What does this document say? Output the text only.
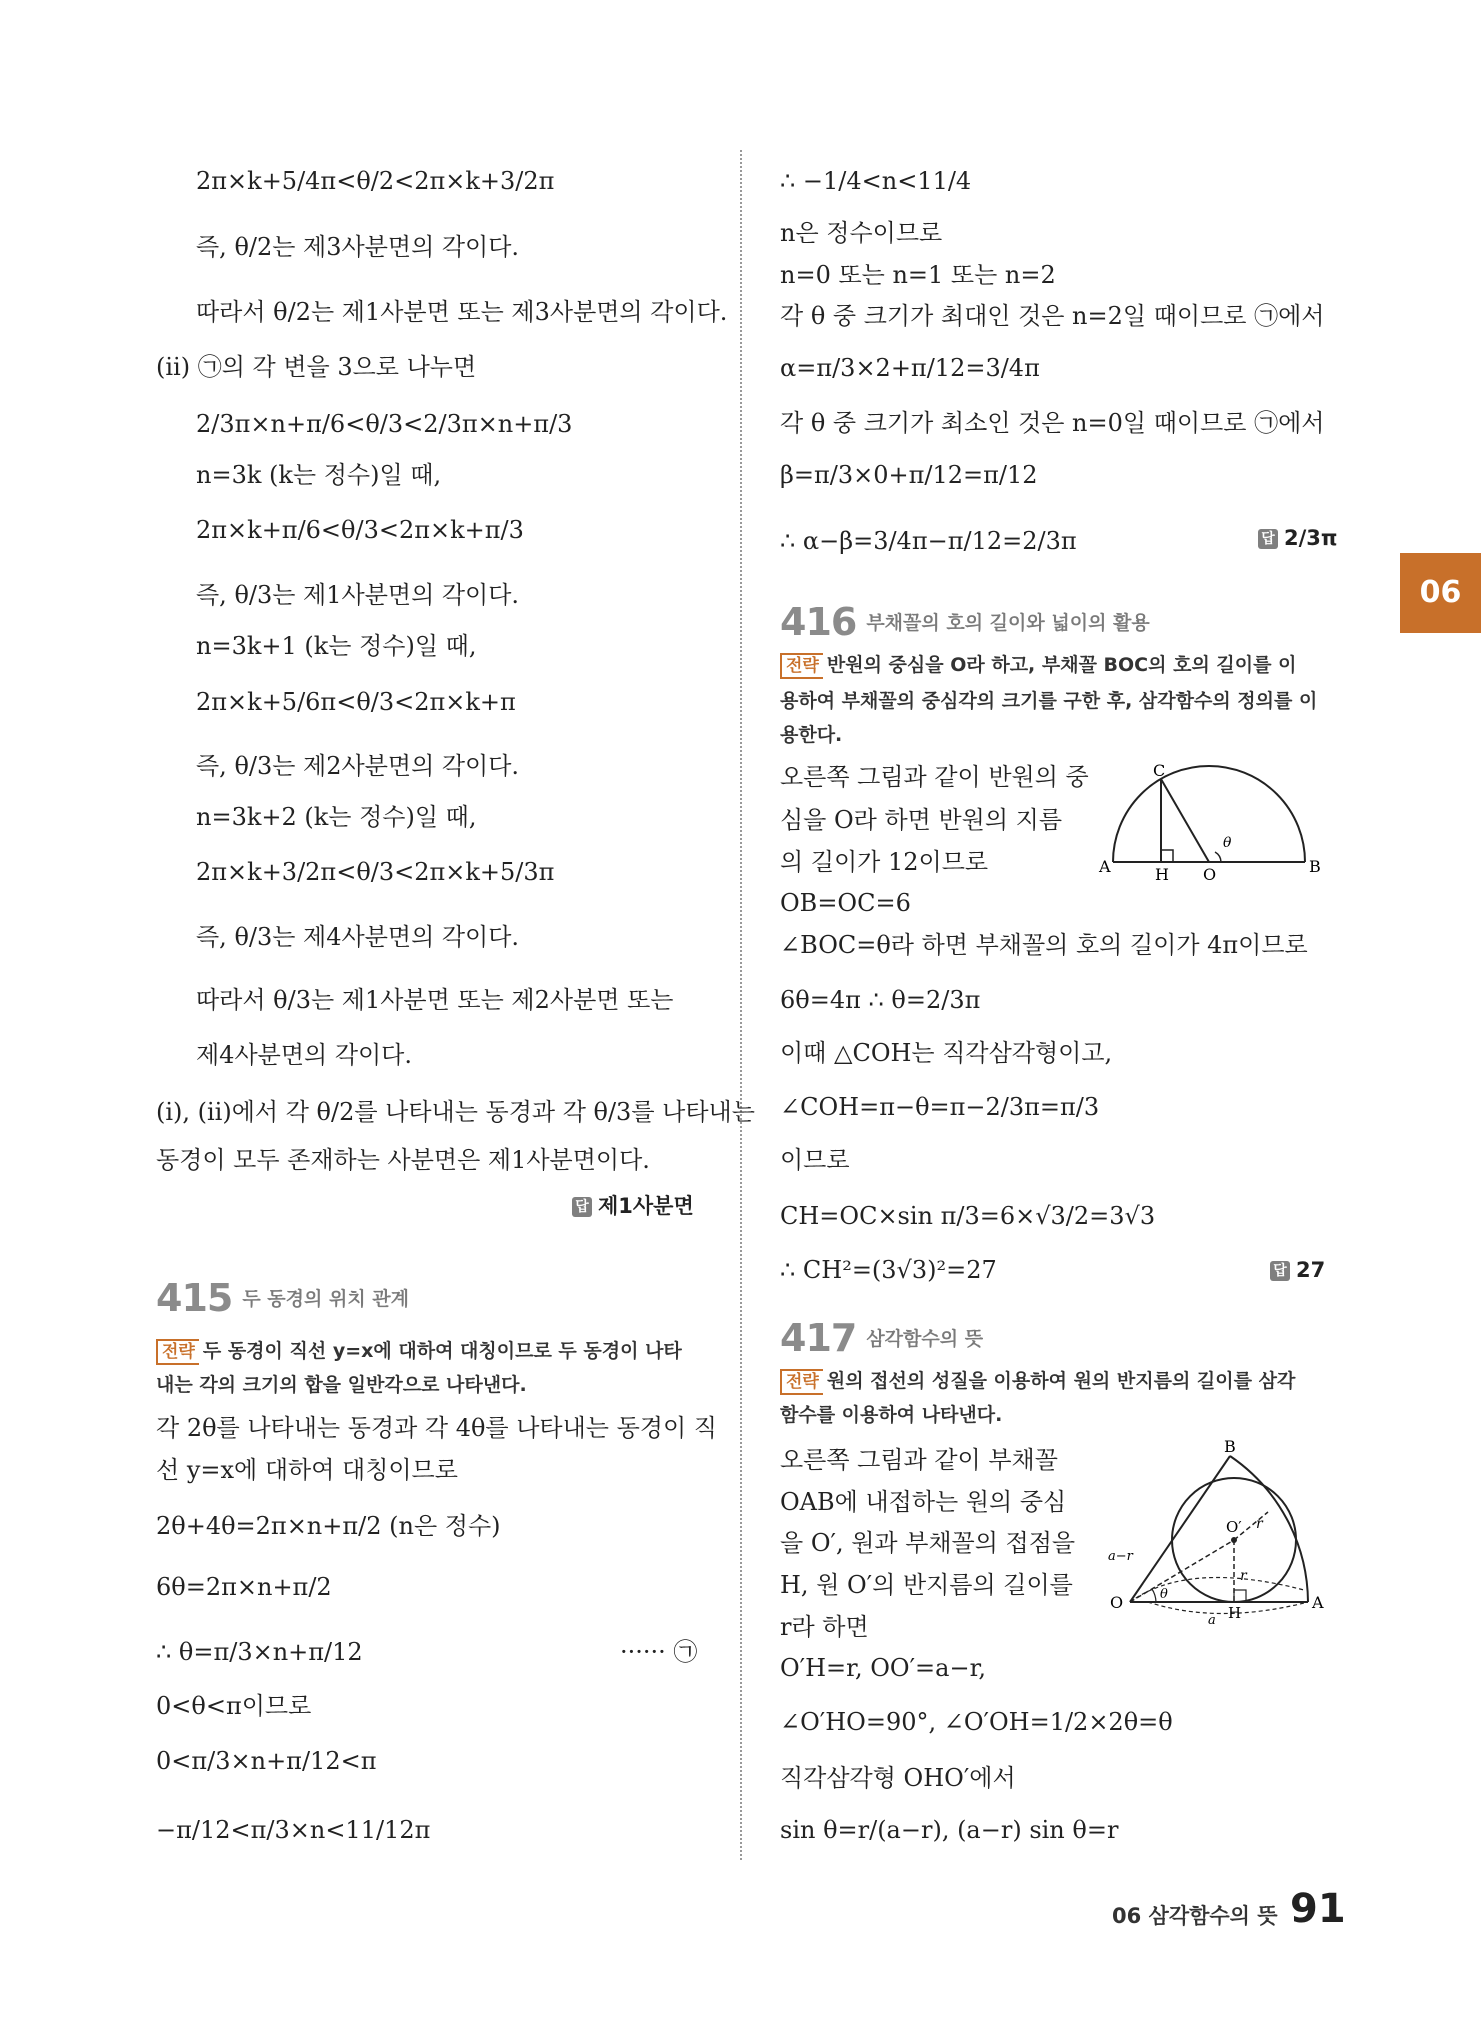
2π×k+5/4π<θ/2<2π×k+3/2π
즉, θ/2는 제3사분면의 각이다.
따라서 θ/2는 제1사분면 또는 제3사분면의 각이다.
(ⅱ) ㉠의 각 변을 3으로 나누면
2/3π×n+π/6<θ/3<2/3π×n+π/3
n=3k (k는 정수)일 때,
2π×k+π/6<θ/3<2π×k+π/3
즉, θ/3는 제1사분면의 각이다.
n=3k+1 (k는 정수)일 때,
2π×k+5/6π<θ/3<2π×k+π
즉, θ/3는 제2사분면의 각이다.
n=3k+2 (k는 정수)일 때,
2π×k+3/2π<θ/3<2π×k+5/3π
즉, θ/3는 제4사분면의 각이다.
따라서 θ/3는 제1사분면 또는 제2사분면 또는
제4사분면의 각이다.
(ⅰ), (ⅱ)에서 각 θ/2를 나타내는 동경과 각 θ/3를 나타내는
동경이 모두 존재하는 사분면은 제1사분면이다.
답 제1사분면
415 $^{두 동경의 위치 관계}$
전략 두 동경이 직선 y=x에 대하여 대칭이므로 두 동경이 나타
내는 각의 크기의 합을 일반각으로 나타낸다.
각 2θ를 나타내는 동경과 각 4θ를 나타내는 동경이 직
선 y=x에 대하여 대칭이므로
2θ+4θ=2π×n+π/2 (n은 정수)
6θ=2π×n+π/2
∴ θ=π/3×n+π/12	······ ㉠
0<θ<π이므로
0<π/3×n+π/12<π
−π/12<π/3×n<11/12π
∴ −1/4<n<11/4
n은 정수이므로
n=0 또는 n=1 또는 n=2
각 θ 중 크기가 최대인 것은 n=2일 때이므로 ㉠에서
α=π/3×2+π/12=3/4π
각 θ 중 크기가 최소인 것은 n=0일 때이므로 ㉠에서
β=π/3×0+π/12=π/12
∴ α−β=3/4π−π/12=2/3π	답 2/3π
06
416 $^{부채꼴의 호의 길이와 넓이의 활용}$
전략 반원의 중심을 O라 하고, 부채꼴 BOC의 호의 길이를 이
용하여 부채꼴의 중심각의 크기를 구한 후, 삼각함수의 정의를 이
용한다.
오른쪽 그림과 같이 반원의 중
심을 O라 하면 반원의 지름
의 길이가 12이므로
OB=OC=6
∠BOC=θ라 하면 부채꼴의 호의 길이가 4π이므로
6θ=4π ∴ θ=2/3π
이때 △COH는 직각삼각형이고,
∠COH=π−θ=π−2/3π=π/3
이므로
CH=OC×sin π/3=6×√3/2=3√3
∴ CH²=(3√3)²=27	답 27
C
A	B
H O
θ
417 $^{삼각함수의 뜻}$
전략 원의 접선의 성질을 이용하여 원의 반지름의 길이를 삼각
함수를 이용하여 나타낸다.
오른쪽 그림과 같이 부채꼴
OAB에 내접하는 원의 중심
을 O′, 원과 부채꼴의 접점을
H, 원 O′의 반지름의 길이를
r라 하면
O′H=r, OO′=a−r,
∠O′HO=90°, ∠O′OH=1/2×2θ=θ
직각삼각형 OHO′에서
sin θ=r/(a−r), (a−r) sin θ=r
B
O	A
O′
H
r
r
a−r
a
θ
06 삼각함수의 뜻 91
